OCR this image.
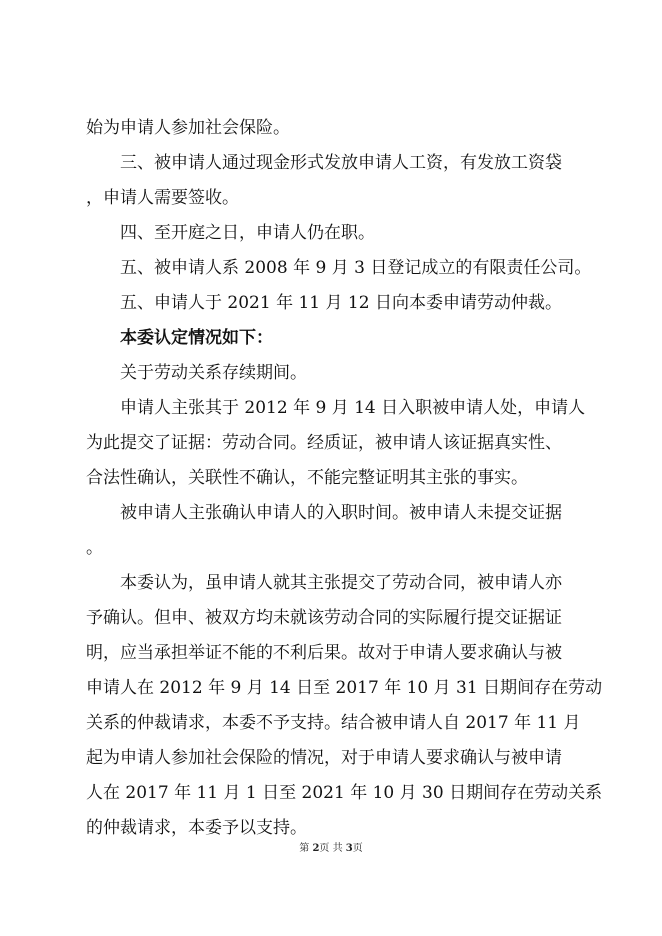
始为申请人参加社会保险。
三、被申请人通过现金形式发放申请人工资，有发放工资袋
，申请人需要签收。
四、至开庭之日，申请人仍在职。
五、被申请人系 2008 年 9 月 3 日登记成立的有限责任公司。
五、申请人于 2021 年 11 月 12 日向本委申请劳动仲裁。
本委认定情况如下：
关于劳动关系存续期间。
申请人主张其于 2012 年 9 月 14 日入职被申请人处，申请人
为此提交了证据：劳动合同。经质证，被申请人该证据真实性、
合法性确认，关联性不确认，不能完整证明其主张的事实。
被申请人主张确认申请人的入职时间。被申请人未提交证据
。
本委认为，虽申请人就其主张提交了劳动合同，被申请人亦
予确认。但申、被双方均未就该劳动合同的实际履行提交证据证
明，应当承担举证不能的不利后果。故对于申请人要求确认与被
申请人在 2012 年 9 月 14 日至 2017 年 10 月 31 日期间存在劳动
关系的仲裁请求，本委不予支持。结合被申请人自 2017 年 11 月
起为申请人参加社会保险的情况，对于申请人要求确认与被申请
人在 2017 年 11 月 1 日至 2021 年 10 月 30 日期间存在劳动关系
的仲裁请求，本委予以支持。
第 2页 共 3页
